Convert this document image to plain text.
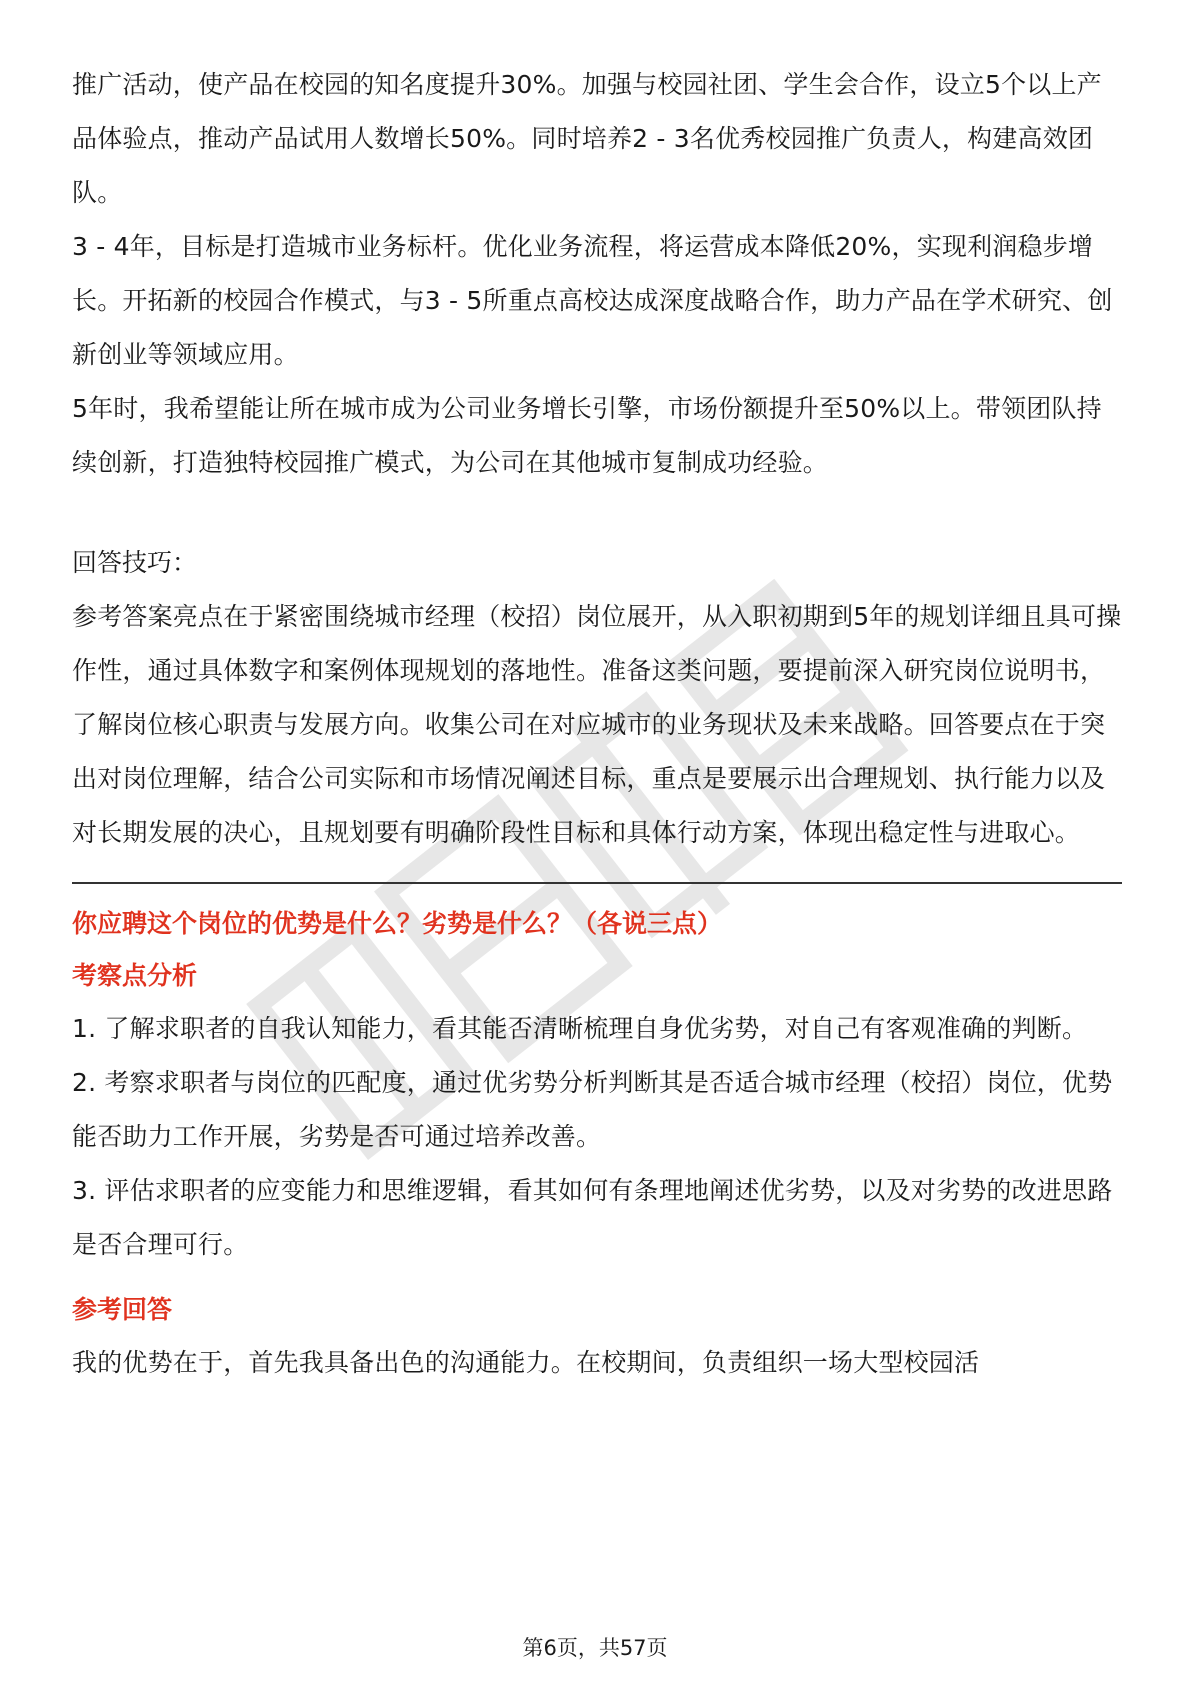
推广活动，使产品在校园的知名度提升30%。加强与校园社团、学生会合作，设立5个以上产品体验点，推动产品试用人数增长50%。同时培养2 - 3名优秀校园推广负责人，构建高效团队。

3 - 4年，目标是打造城市业务标杆。优化业务流程，将运营成本降低20%，实现利润稳步增长。开拓新的校园合作模式，与3 - 5所重点高校达成深度战略合作，助力产品在学术研究、创新创业等领域应用。

5年时，我希望能让所在城市成为公司业务增长引擎，市场份额提升至50%以上。带领团队持续创新，打造独特校园推广模式，为公司在其他城市复制成功经验。

回答技巧：

参考答案亮点在于紧密围绕城市经理（校招）岗位展开，从入职初期到5年的规划详细且具可操作性，通过具体数字和案例体现规划的落地性。准备这类问题，要提前深入研究岗位说明书，了解岗位核心职责与发展方向。收集公司在对应城市的业务现状及未来战略。回答要点在于突出对岗位理解，结合公司实际和市场情况阐述目标，重点是要展示出合理规划、执行能力以及对长期发展的决心，且规划要有明确阶段性目标和具体行动方案，体现出稳定性与进取心。

你应聘这个岗位的优势是什么？劣势是什么？（各说三点）

考察点分析

1. 了解求职者的自我认知能力，看其能否清晰梳理自身优劣势，对自己有客观准确的判断。

2. 考察求职者与岗位的匹配度，通过优劣势分析判断其是否适合城市经理（校招）岗位，优势能否助力工作开展，劣势是否可通过培养改善。

3. 评估求职者的应变能力和思维逻辑，看其如何有条理地阐述优劣势，以及对劣势的改进思路是否合理可行。

参考回答

我的优势在于，首先我具备出色的沟通能力。在校期间，负责组织一场大型校园活

第6页，共57页
